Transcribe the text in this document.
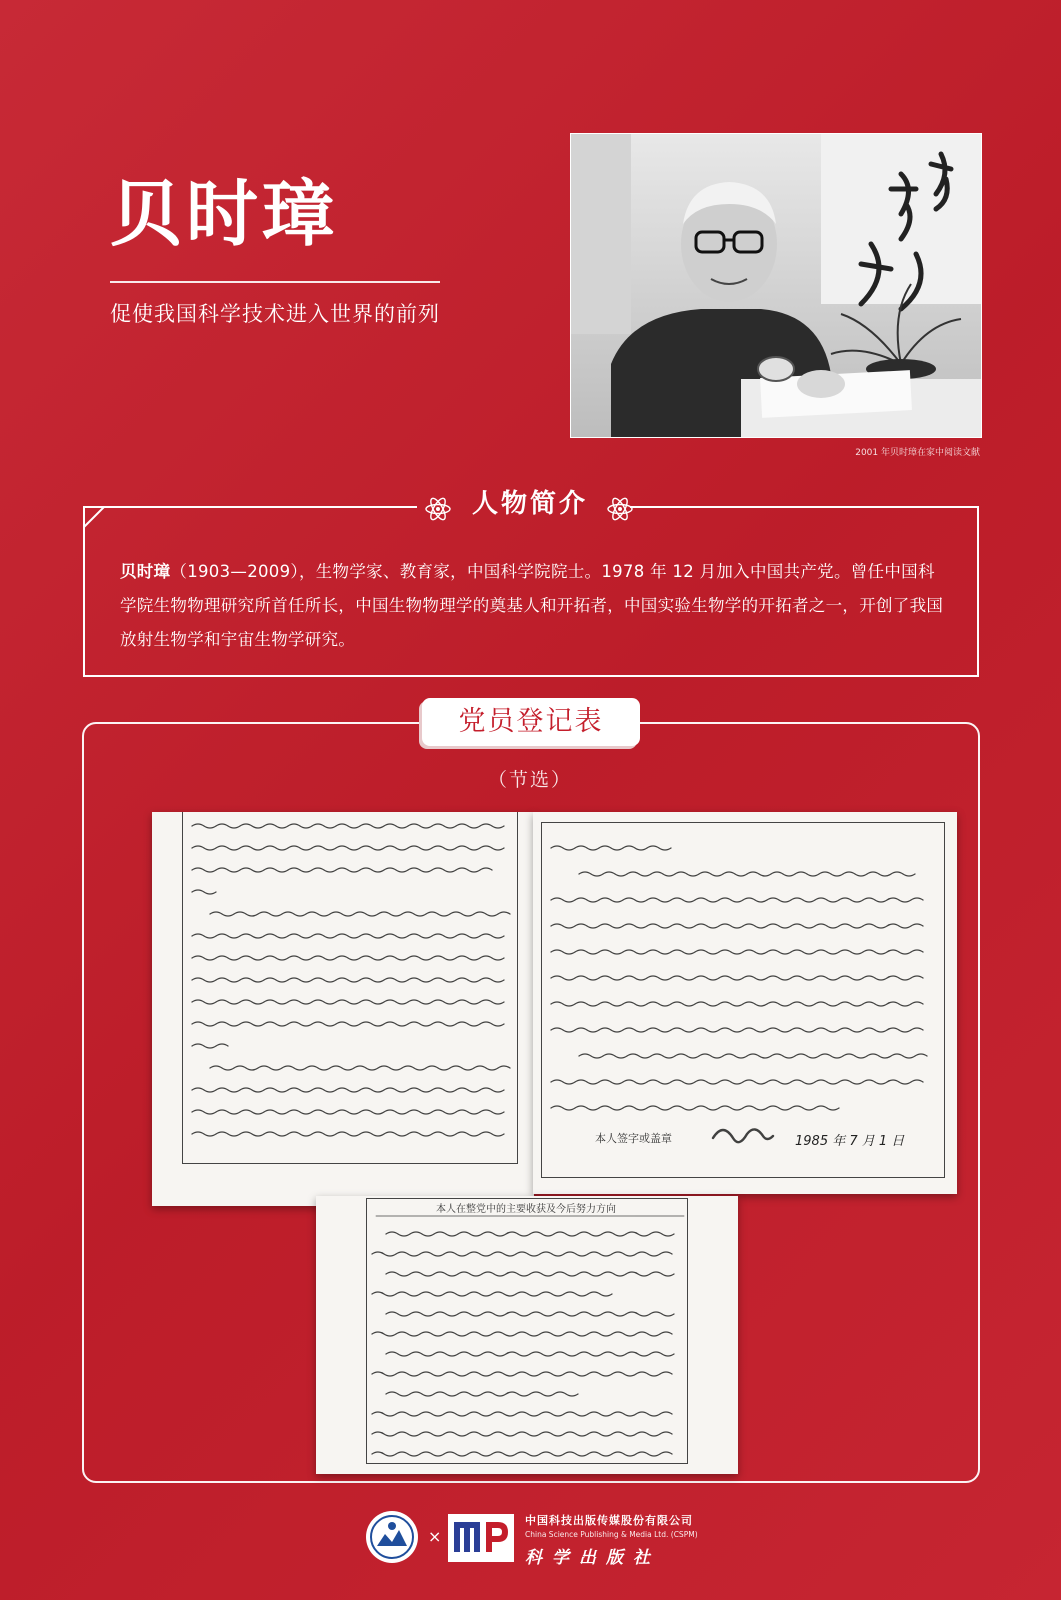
贝时璋
促使我国科学技术进入世界的前列
2001 年贝时璋在家中阅读文献
人物简介
贝时璋（1903—2009），生物学家、教育家，中国科学院院士。1978 年 12 月加入中国共产党。曾任中国科学院生物物理研究所首任所长，中国生物物理学的奠基人和开拓者，中国实验生物学的开拓者之一，开创了我国放射生物学和宇宙生物学研究。
党员登记表
（节选）
本人签字或盖章	1985 年 7 月 1 日
本人在整党中的主要收获及今后努力方向
×
中国科技出版传媒股份有限公司
China Science Publishing & Media Ltd. (CSPM)
科学出版社
